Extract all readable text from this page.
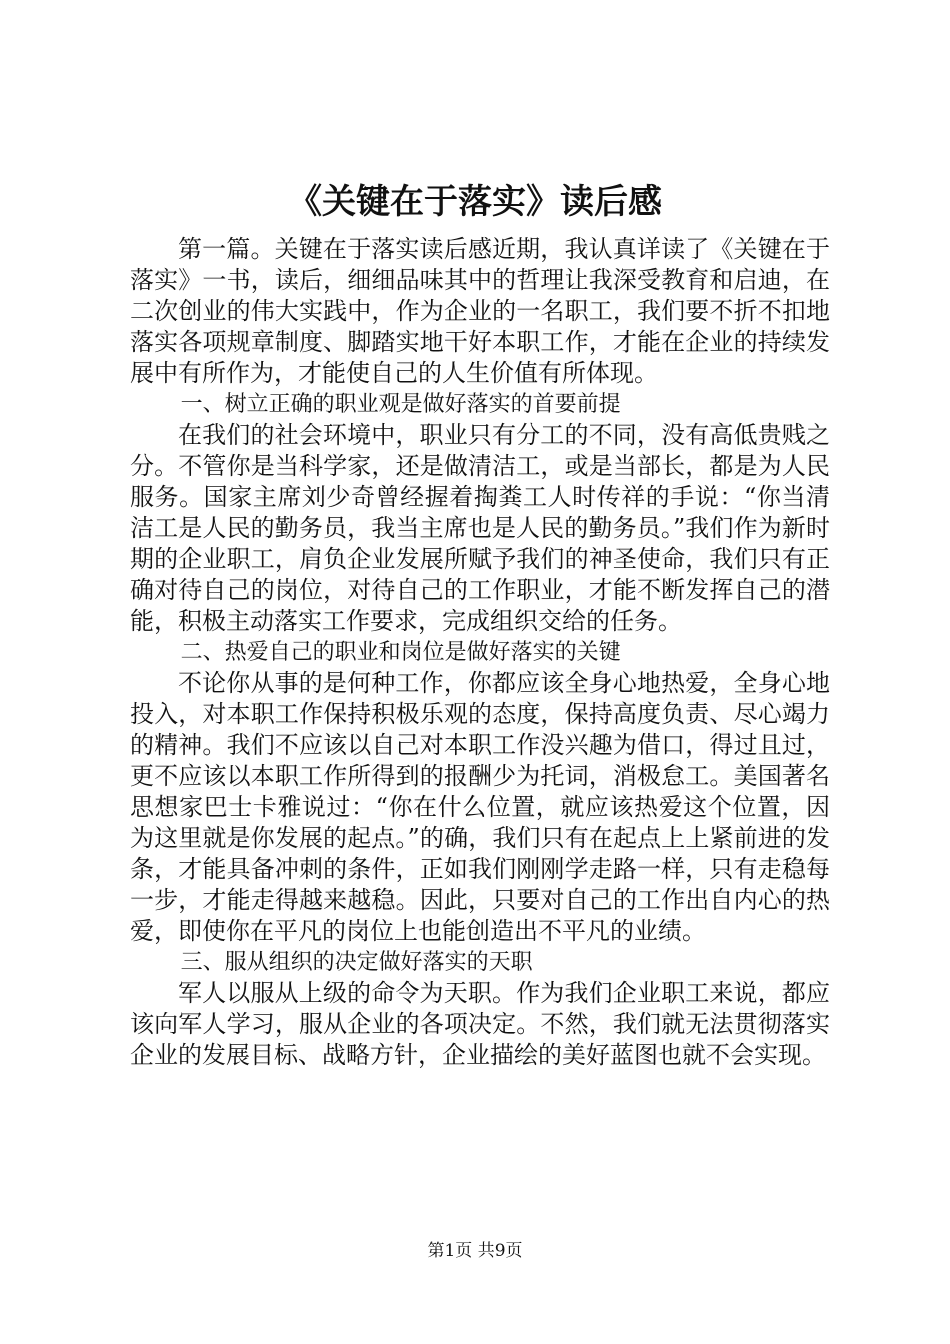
《关键在于落实》读后感

第一篇。关键在于落实读后感近期，我认真详读了《关键在于落实》一书，读后，细细品味其中的哲理让我深受教育和启迪，在二次创业的伟大实践中，作为企业的一名职工，我们要不折不扣地落实各项规章制度、脚踏实地干好本职工作，才能在企业的持续发展中有所作为，才能使自己的人生价值有所体现。

一、树立正确的职业观是做好落实的首要前提

在我们的社会环境中，职业只有分工的不同，没有高低贵贱之分。不管你是当科学家，还是做清洁工，或是当部长，都是为人民服务。国家主席刘少奇曾经握着掏粪工人时传祥的手说：“你当清洁工是人民的勤务员，我当主席也是人民的勤务员。”我们作为新时期的企业职工，肩负企业发展所赋予我们的神圣使命，我们只有正确对待自己的岗位，对待自己的工作职业，才能不断发挥自己的潜能，积极主动落实工作要求，完成组织交给的任务。

二、热爱自己的职业和岗位是做好落实的关键

不论你从事的是何种工作，你都应该全身心地热爱，全身心地投入，对本职工作保持积极乐观的态度，保持高度负责、尽心竭力的精神。我们不应该以自己对本职工作没兴趣为借口，得过且过，更不应该以本职工作所得到的报酬少为托词，消极怠工。美国著名思想家巴士卡雅说过：“你在什么位置，就应该热爱这个位置，因为这里就是你发展的起点。”的确，我们只有在起点上上紧前进的发条，才能具备冲刺的条件，正如我们刚刚学走路一样，只有走稳每一步，才能走得越来越稳。因此，只要对自己的工作出自内心的热爱，即使你在平凡的岗位上也能创造出不平凡的业绩。

三、服从组织的决定做好落实的天职

军人以服从上级的命令为天职。作为我们企业职工来说，都应该向军人学习，服从企业的各项决定。不然，我们就无法贯彻落实企业的发展目标、战略方针，企业描绘的美好蓝图也就不会实现。

第1页 共9页
